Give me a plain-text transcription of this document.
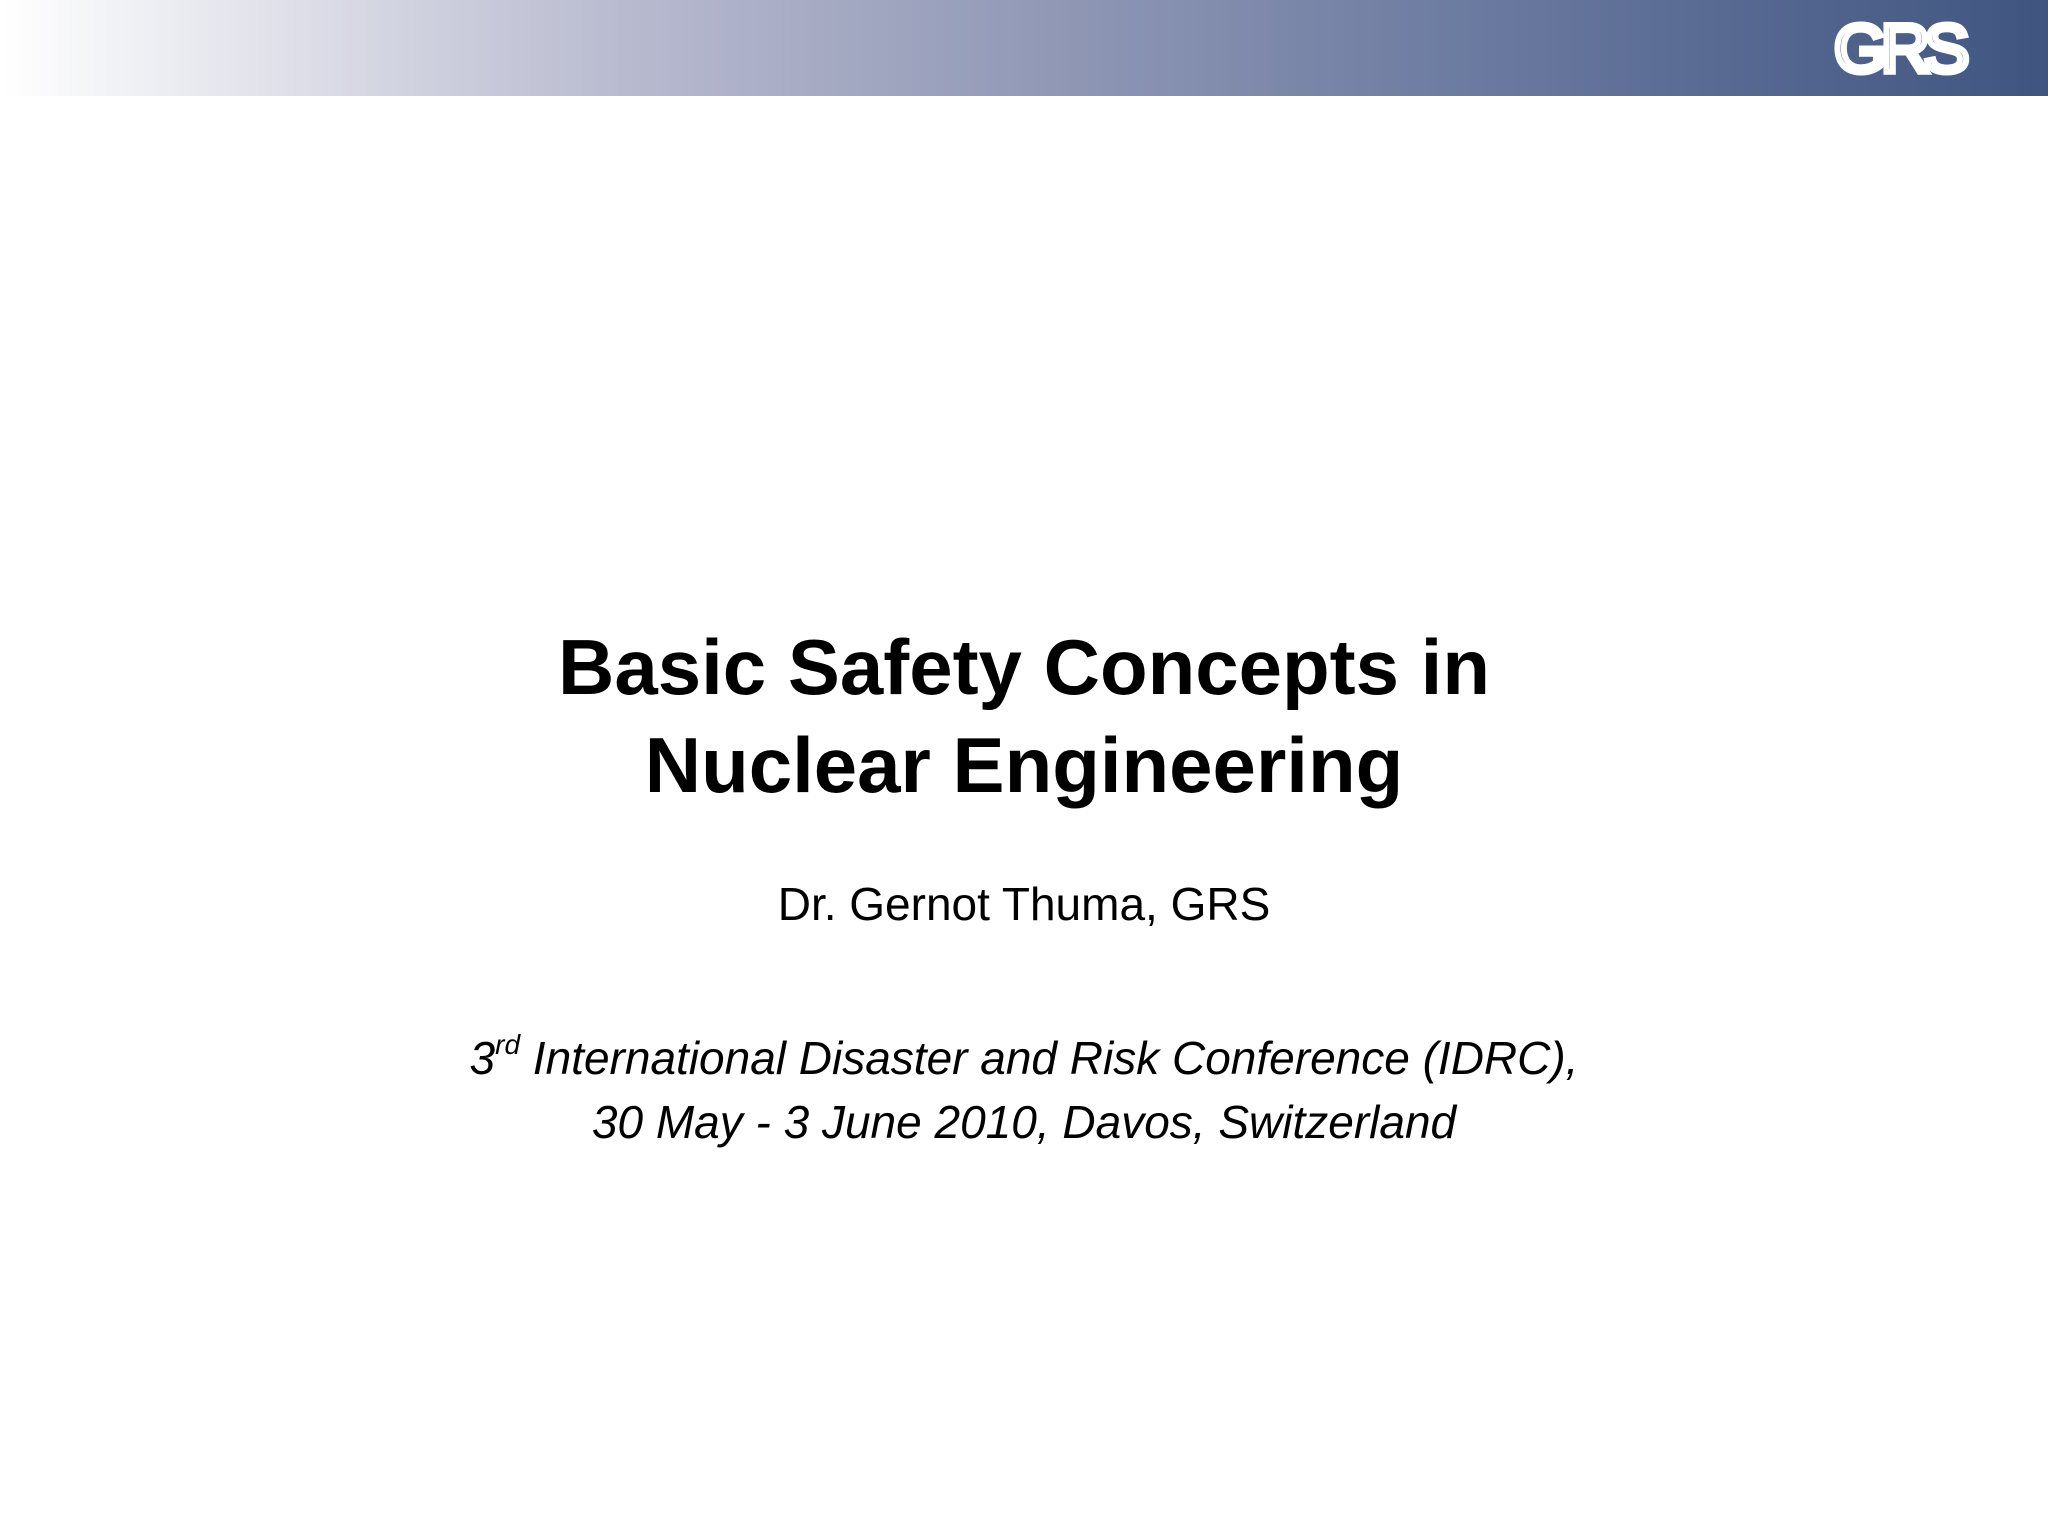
GRS
Basic Safety Concepts in
Nuclear Engineering
Dr. Gernot Thuma, GRS
3rd International Disaster and Risk Conference (IDRC),
30 May - 3 June 2010, Davos, Switzerland
